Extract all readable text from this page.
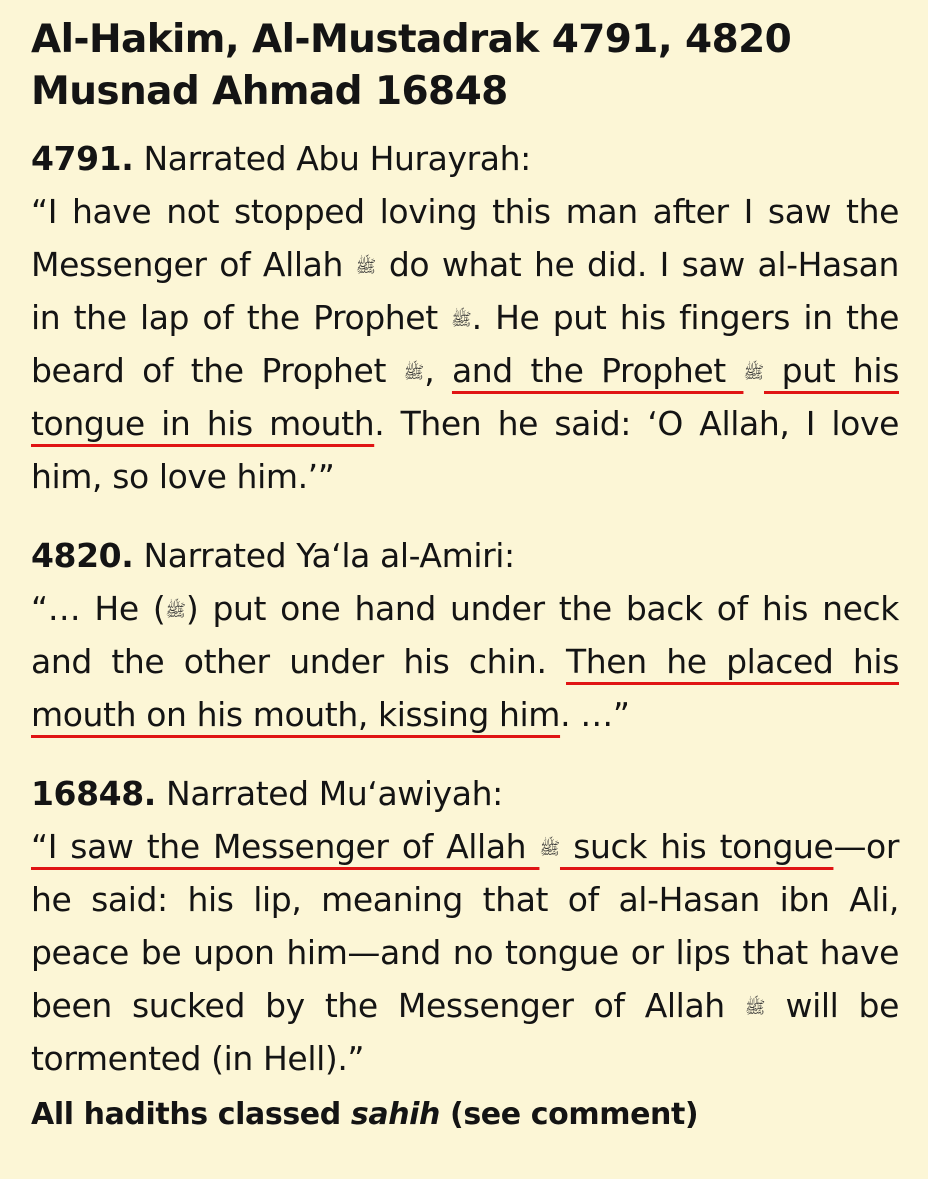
Al-Hakim, Al-Mustadrak 4791, 4820
Musnad Ahmad 16848
4791. Narrated Abu Hurayrah:

“I have not stopped loving this man after I saw the Messenger of Allah ﷺ do what he did. I saw al-Hasan in the lap of the Prophet ﷺ. He put his fingers in the beard of the Prophet ﷺ, and the Prophet ﷺ put his tongue in his mouth. Then he said: ‘O Allah, I love him, so love him.’”

4820. Narrated Ya‘la al-Amiri:

“… He (ﷺ) put one hand under the back of his neck and the other under his chin. Then he placed his mouth on his mouth, kissing him. …”

16848. Narrated Mu‘awiyah:

“I saw the Messenger of Allah ﷺ suck his tongue—or he said: his lip, meaning that of al-Hasan ibn Ali, peace be upon him—and no tongue or lips that have been sucked by the Messenger of Allah ﷺ will be tormented (in Hell).”

All hadiths classed sahih (see comment)
